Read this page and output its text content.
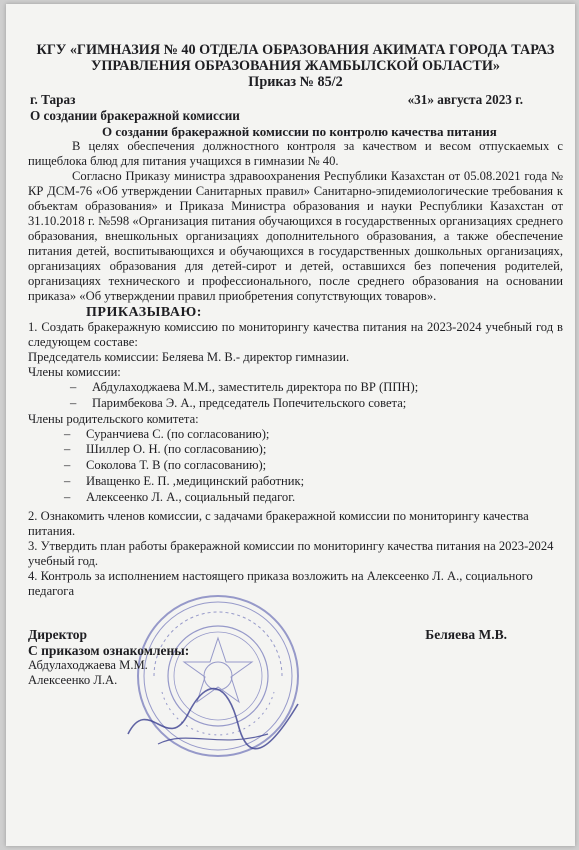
КГУ «ГИМНАЗИЯ № 40 ОТДЕЛА ОБРАЗОВАНИЯ АКИМАТА ГОРОДА ТАРАЗ
УПРАВЛЕНИЯ ОБРАЗОВАНИЯ ЖАМБЫЛСКОЙ ОБЛАСТИ»
Приказ № 85/2
г. Тараз
О создании бракеражной комиссии
«31» августа 2023 г.

О создании бракеражной комиссии по контролю качества питания

В целях обеспечения должностного контроля за качеством и весом отпускаемых с пищеблока блюд для питания учащихся в гимназии № 40.

Согласно Приказу министра здравоохранения Республики Казахстан от 05.08.2021 года № КР ДСМ-76 «Об утверждении Санитарных правил» Санитарно-эпидемиологические требования к объектам образования» и Приказа Министра образования и науки Республики Казахстан от 31.10.2018 г. №598 «Организация питания обучающихся в государственных организациях среднего образования, внешкольных организациях дополнительного образования, а также обеспечение питания детей, воспитывающихся и обучающихся в государственных дошкольных организациях, организациях образования для детей-сирот и детей, оставшихся без попечения родителей, организациях технического и профессионального, после среднего образования на основании приказа» «Об утверждении правил приобретения сопутствующих товаров».

ПРИКАЗЫВАЮ:

1. Создать бракеражную комиссию по мониторингу качества питания на 2023-2024 учебный год в следующем составе:

Председатель комиссии: Беляева М. В.- директор гимназии.

Члены комиссии:

– Абдулаходжаева М.М., заместитель директора по ВР (ППН);
– Паримбекова Э. А., председатель Попечительского совета;

Члены родительского комитета:

– Суранчиева С. (по согласованию);
– Шиллер О. Н. (по согласованию);
– Соколова Т. В (по согласованию);
– Иващенко Е. П. ,медицинский работник;
– Алексеенко Л. А., социальный педагог.

2. Ознакомить членов комиссии, с задачами бракеражной комиссии по мониторингу качества питания.

3. Утвердить план работы бракеражной комиссии по мониторингу качества питания на 2023-2024 учебный год.

4. Контроль за исполнением настоящего приказа возложить на Алексеенко Л. А., социального педагога

Директор	Беляева М.В.

С приказом ознакомлены:

Абдулаходжаева М.М.

Алексеенко Л.А.
